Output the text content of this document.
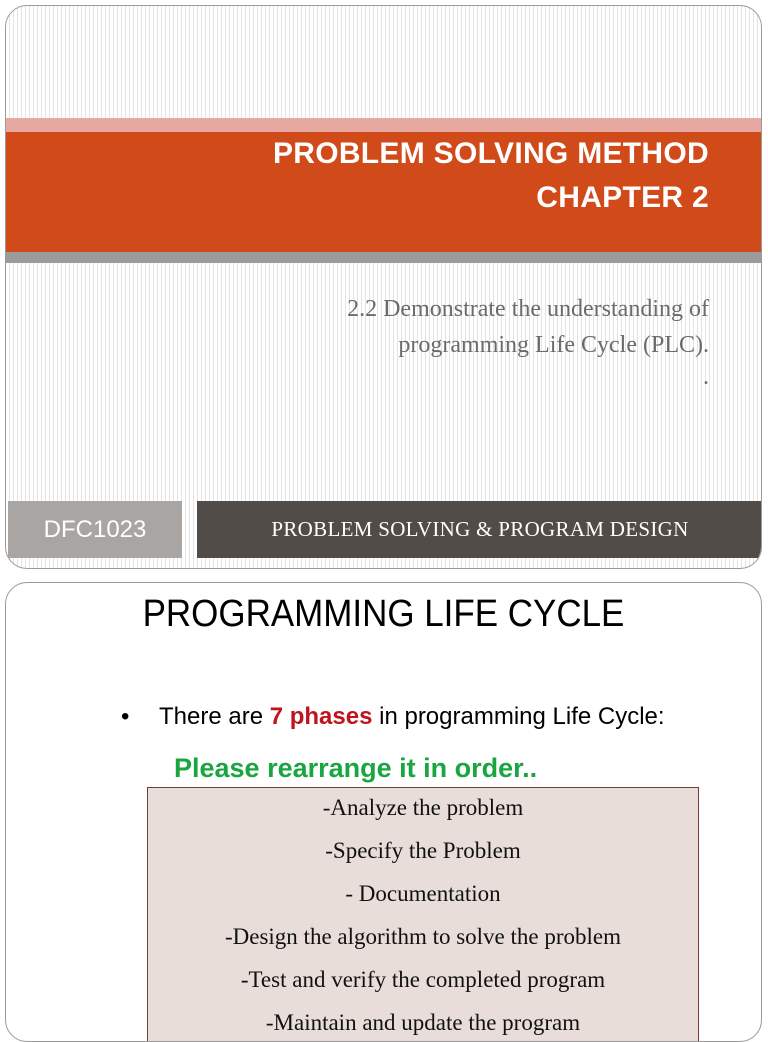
PROBLEM SOLVING METHOD
CHAPTER 2
2.2 Demonstrate the understanding of
programming Life Cycle (PLC).
.
DFC1023	PROBLEM SOLVING & PROGRAM DESIGN
PROGRAMMING LIFE CYCLE
• There are 7 phases in programming Life Cycle:
Please rearrange it in order..
-Analyze the problem
-Specify the Problem
- Documentation
-Design the algorithm to solve the problem
-Test and verify the completed program
-Maintain and update the program
